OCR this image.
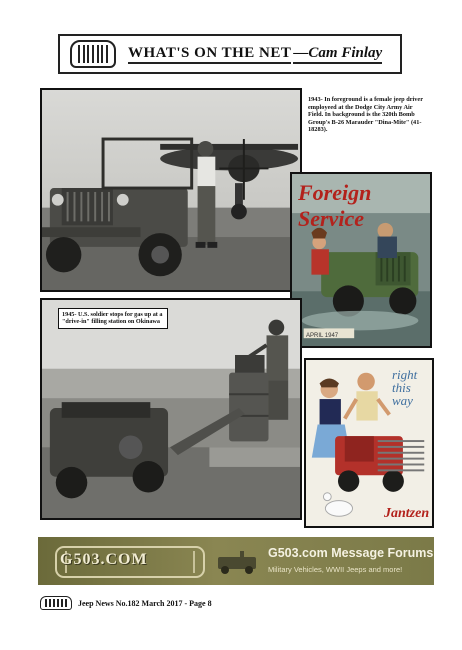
WHAT'S ON THE NET —Cam Finlay
1943- In foreground is a female jeep driver employeed at the Dodge City Army Air Field. In background is the 320th Bomb Group's B-26 Marauder "Dina-Mite" (41-18283).
Foreign Service
APRIL 1947
1945- U.S. soldier stops for gas up at a "drive-in" filling station on Okinawa
right this way
Jantzen
G503.COM	G503.com Message Forums
Military Vehicles, WWII Jeeps and more!
Jeep News No.182 March 2017 - Page 8
